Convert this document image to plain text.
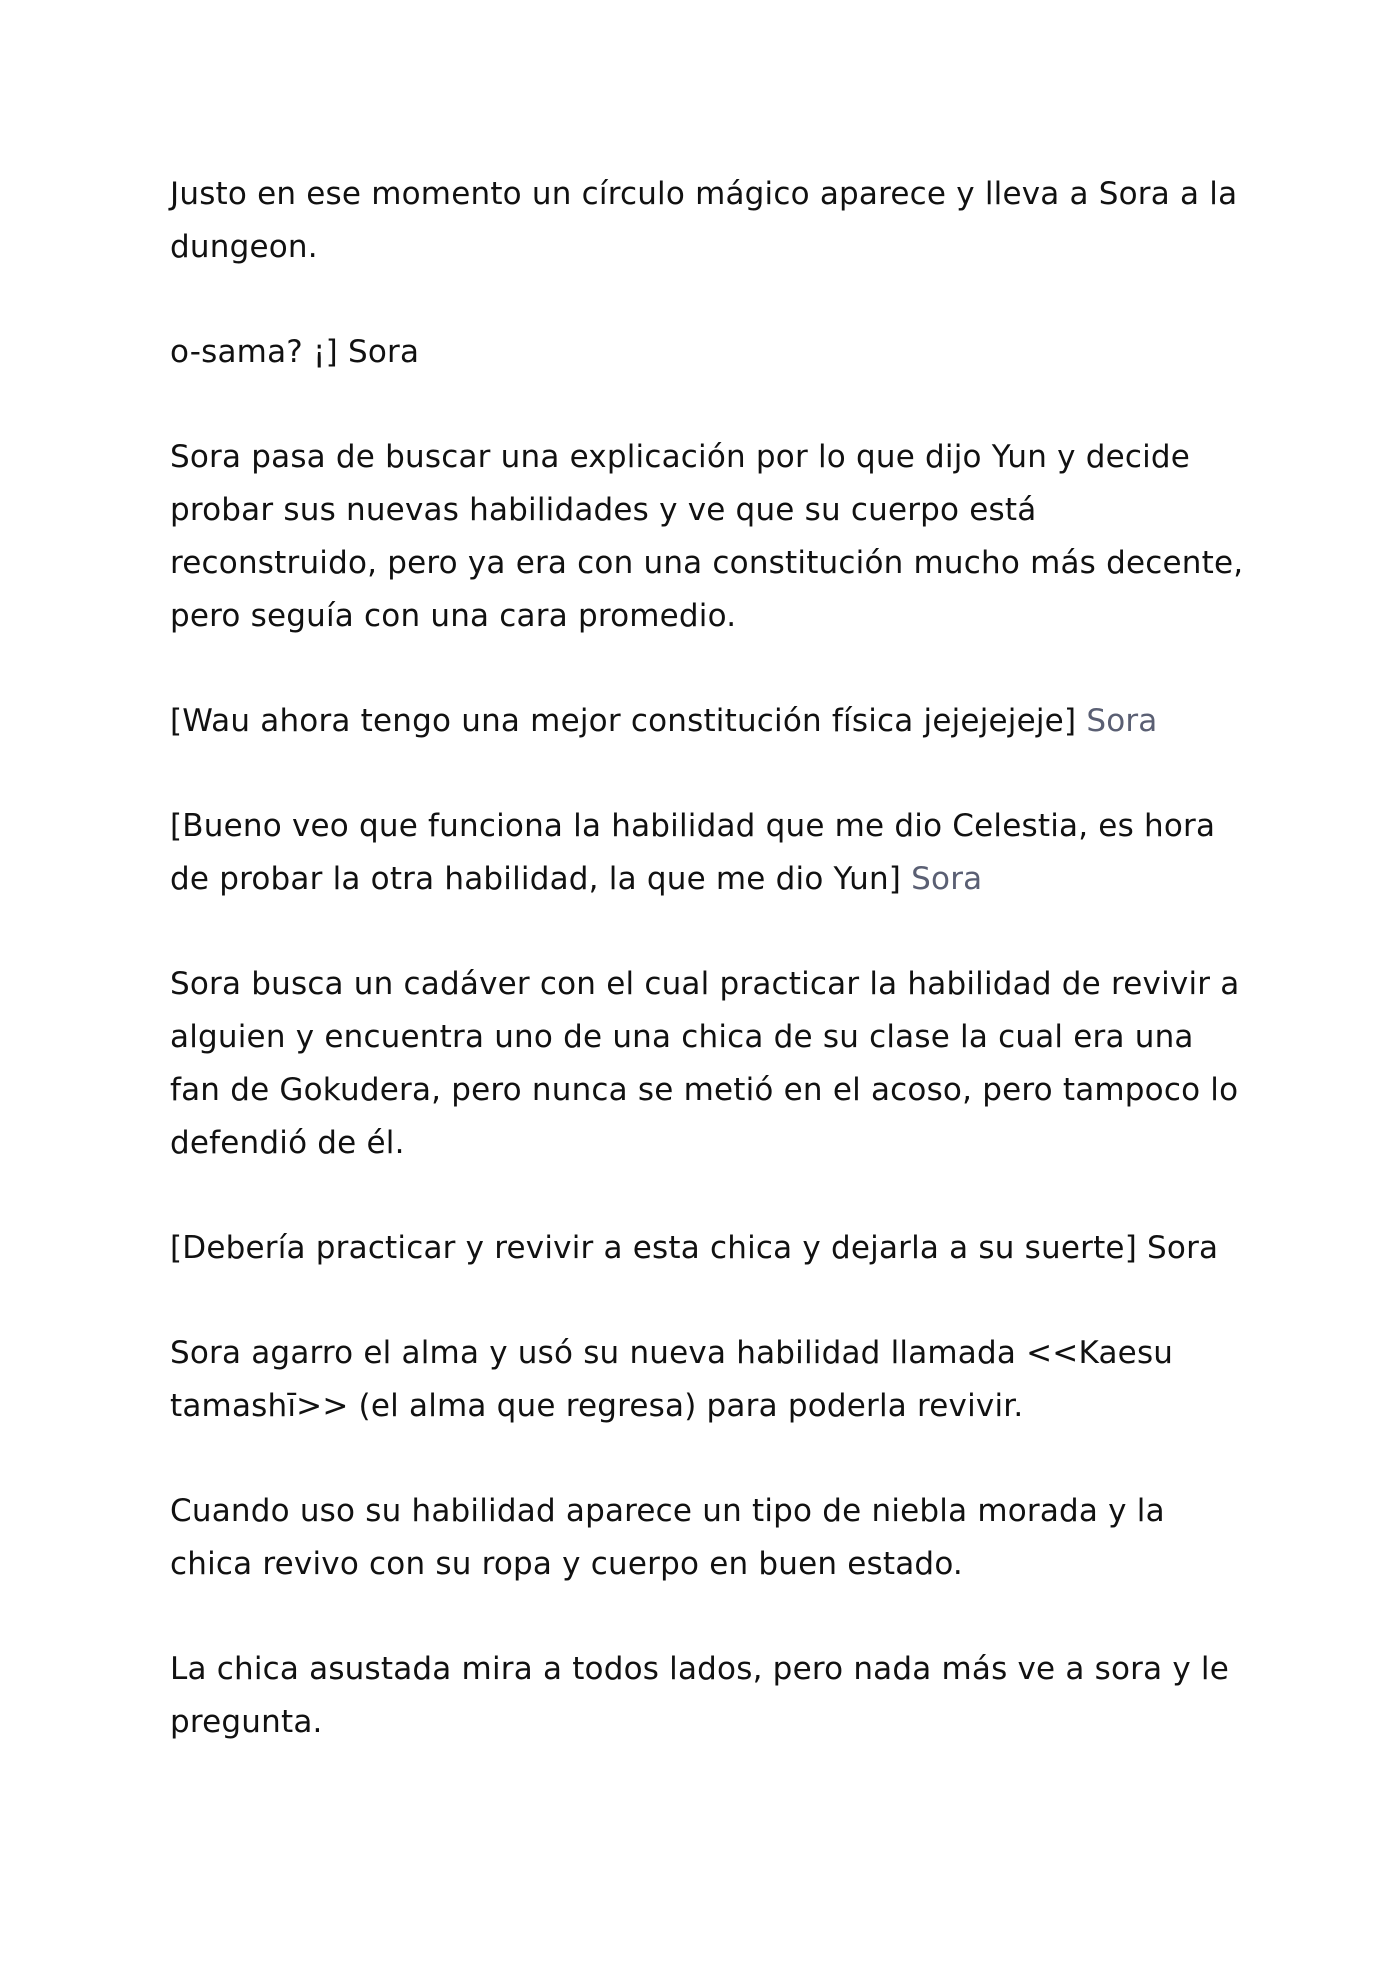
Justo en ese momento un círculo mágico aparece y lleva a Sora a la dungeon.

o-sama? ¡] Sora

Sora pasa de buscar una explicación por lo que dijo Yun y decide probar sus nuevas habilidades y ve que su cuerpo está reconstruido, pero ya era con una constitución mucho más decente, pero seguía con una cara promedio.

[Wau ahora tengo una mejor constitución física jejejejeje] Sora

[Bueno veo que funciona la habilidad que me dio Celestia, es hora de probar la otra habilidad, la que me dio Yun] Sora

Sora busca un cadáver con el cual practicar la habilidad de revivir a alguien y encuentra uno de una chica de su clase la cual era una fan de Gokudera, pero nunca se metió en el acoso, pero tampoco lo defendió de él.

[Debería practicar y revivir a esta chica y dejarla a su suerte] Sora

Sora agarro el alma y usó su nueva habilidad llamada <<Kaesu tamashī>> (el alma que regresa) para poderla revivir.

Cuando uso su habilidad aparece un tipo de niebla morada y la chica revivo con su ropa y cuerpo en buen estado.

La chica asustada mira a todos lados, pero nada más ve a sora y le pregunta.
